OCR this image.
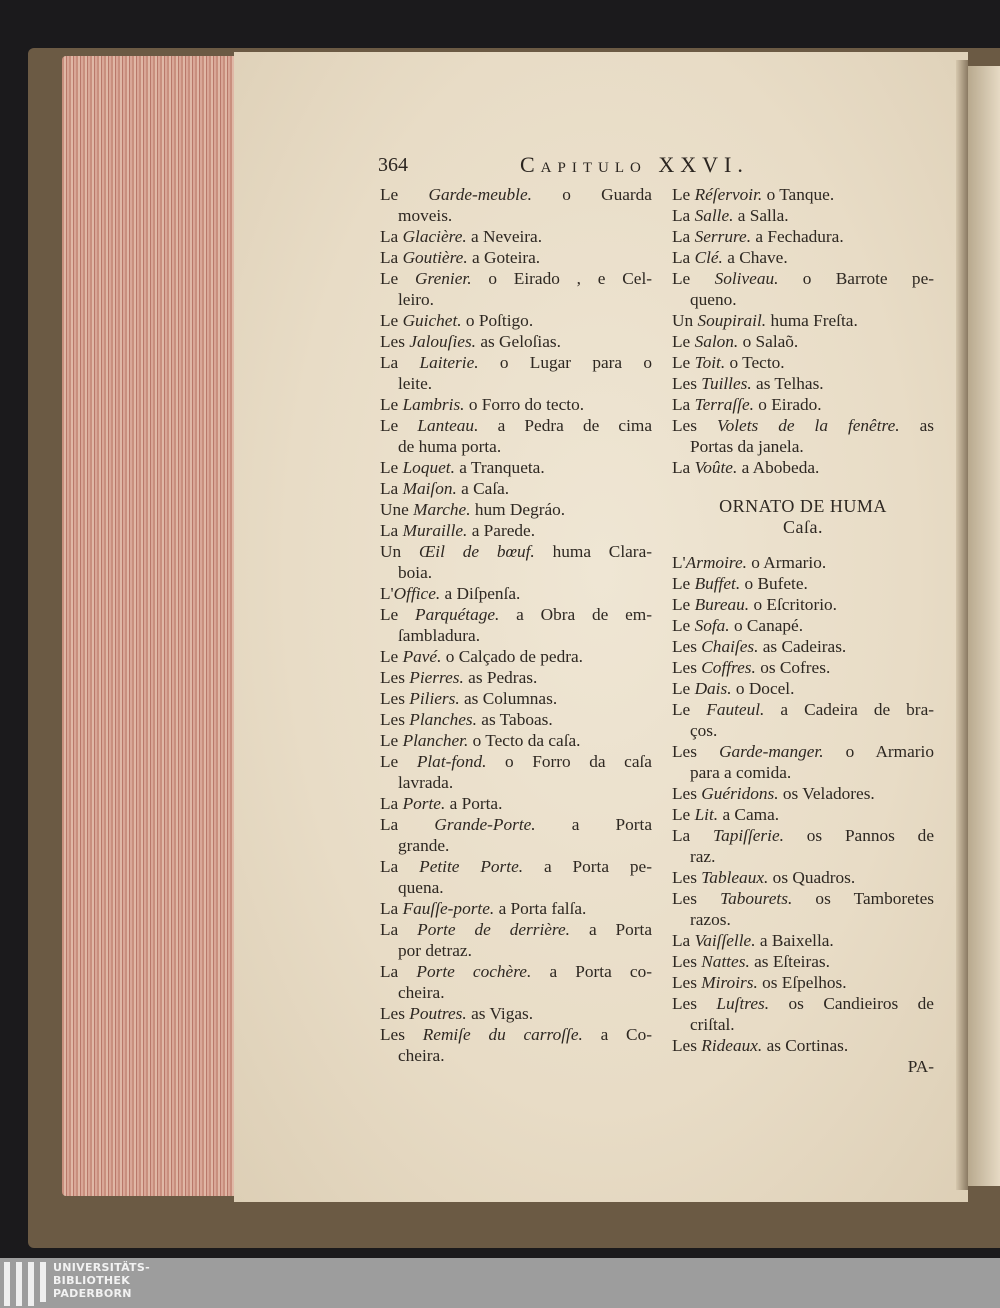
364	Capitulo XXVI.
Le Garde-meuble. o Guarda
moveis.
La Glacière. a Neveira.
La Goutière. a Goteira.
Le Grenier. o Eirado , e Cel-
leiro.
Le Guichet. o Poſtigo.
Les Jalouſies. as Geloſias.
La Laiterie. o Lugar para o
leite.
Le Lambris. o Forro do tecto.
Le Lanteau. a Pedra de cima
de huma porta.
Le Loquet. a Tranqueta.
La Maiſon. a Caſa.
Une Marche. hum Degráo.
La Muraille. a Parede.
Un Œil de bœuf. huma Clara-
boia.
L'Office. a Diſpenſa.
Le Parquétage. a Obra de em-
ſambladura.
Le Pavé. o Calçado de pedra.
Les Pierres. as Pedras.
Les Piliers. as Columnas.
Les Planches. as Taboas.
Le Plancher. o Tecto da caſa.
Le Plat-fond. o Forro da caſa
lavrada.
La Porte. a Porta.
La Grande-Porte. a Porta
grande.
La Petite Porte. a Porta pe-
quena.
La Fauſſe-porte. a Porta falſa.
La Porte de derrière. a Porta
por detraz.
La Porte cochère. a Porta co-
cheira.
Les Poutres. as Vigas.
Les Remiſe du carroſſe. a Co-
cheira.
Le Réſervoir. o Tanque.
La Salle. a Salla.
La Serrure. a Fechadura.
La Clé. a Chave.
Le Soliveau. o Barrote pe-
queno.
Un Soupirail. huma Freſta.
Le Salon. o Salaõ.
Le Toit. o Tecto.
Les Tuilles. as Telhas.
La Terraſſe. o Eirado.
Les Volets de la fenêtre. as
Portas da janela.
La Voûte. a Abobeda.
ORNATO DE HUMA
Caſa.
L'Armoire. o Armario.
Le Buffet. o Bufete.
Le Bureau. o Eſcritorio.
Le Sofa. o Canapé.
Les Chaiſes. as Cadeiras.
Les Coffres. os Cofres.
Le Dais. o Docel.
Le Fauteul. a Cadeira de bra-
ços.
Les Garde-manger. o Armario
para a comida.
Les Guéridons. os Veladores.
Le Lit. a Cama.
La Tapiſſerie. os Pannos de
raz.
Les Tableaux. os Quadros.
Les Tabourets. os Tamboretes
razos.
La Vaiſſelle. a Baixella.
Les Nattes. as Eſteiras.
Les Miroirs. os Eſpelhos.
Les Luſtres. os Candieiros de
criſtal.
Les Rideaux. as Cortinas.
PA-
UNIVERSITÄTS-
BIBLIOTHEK
PADERBORN
